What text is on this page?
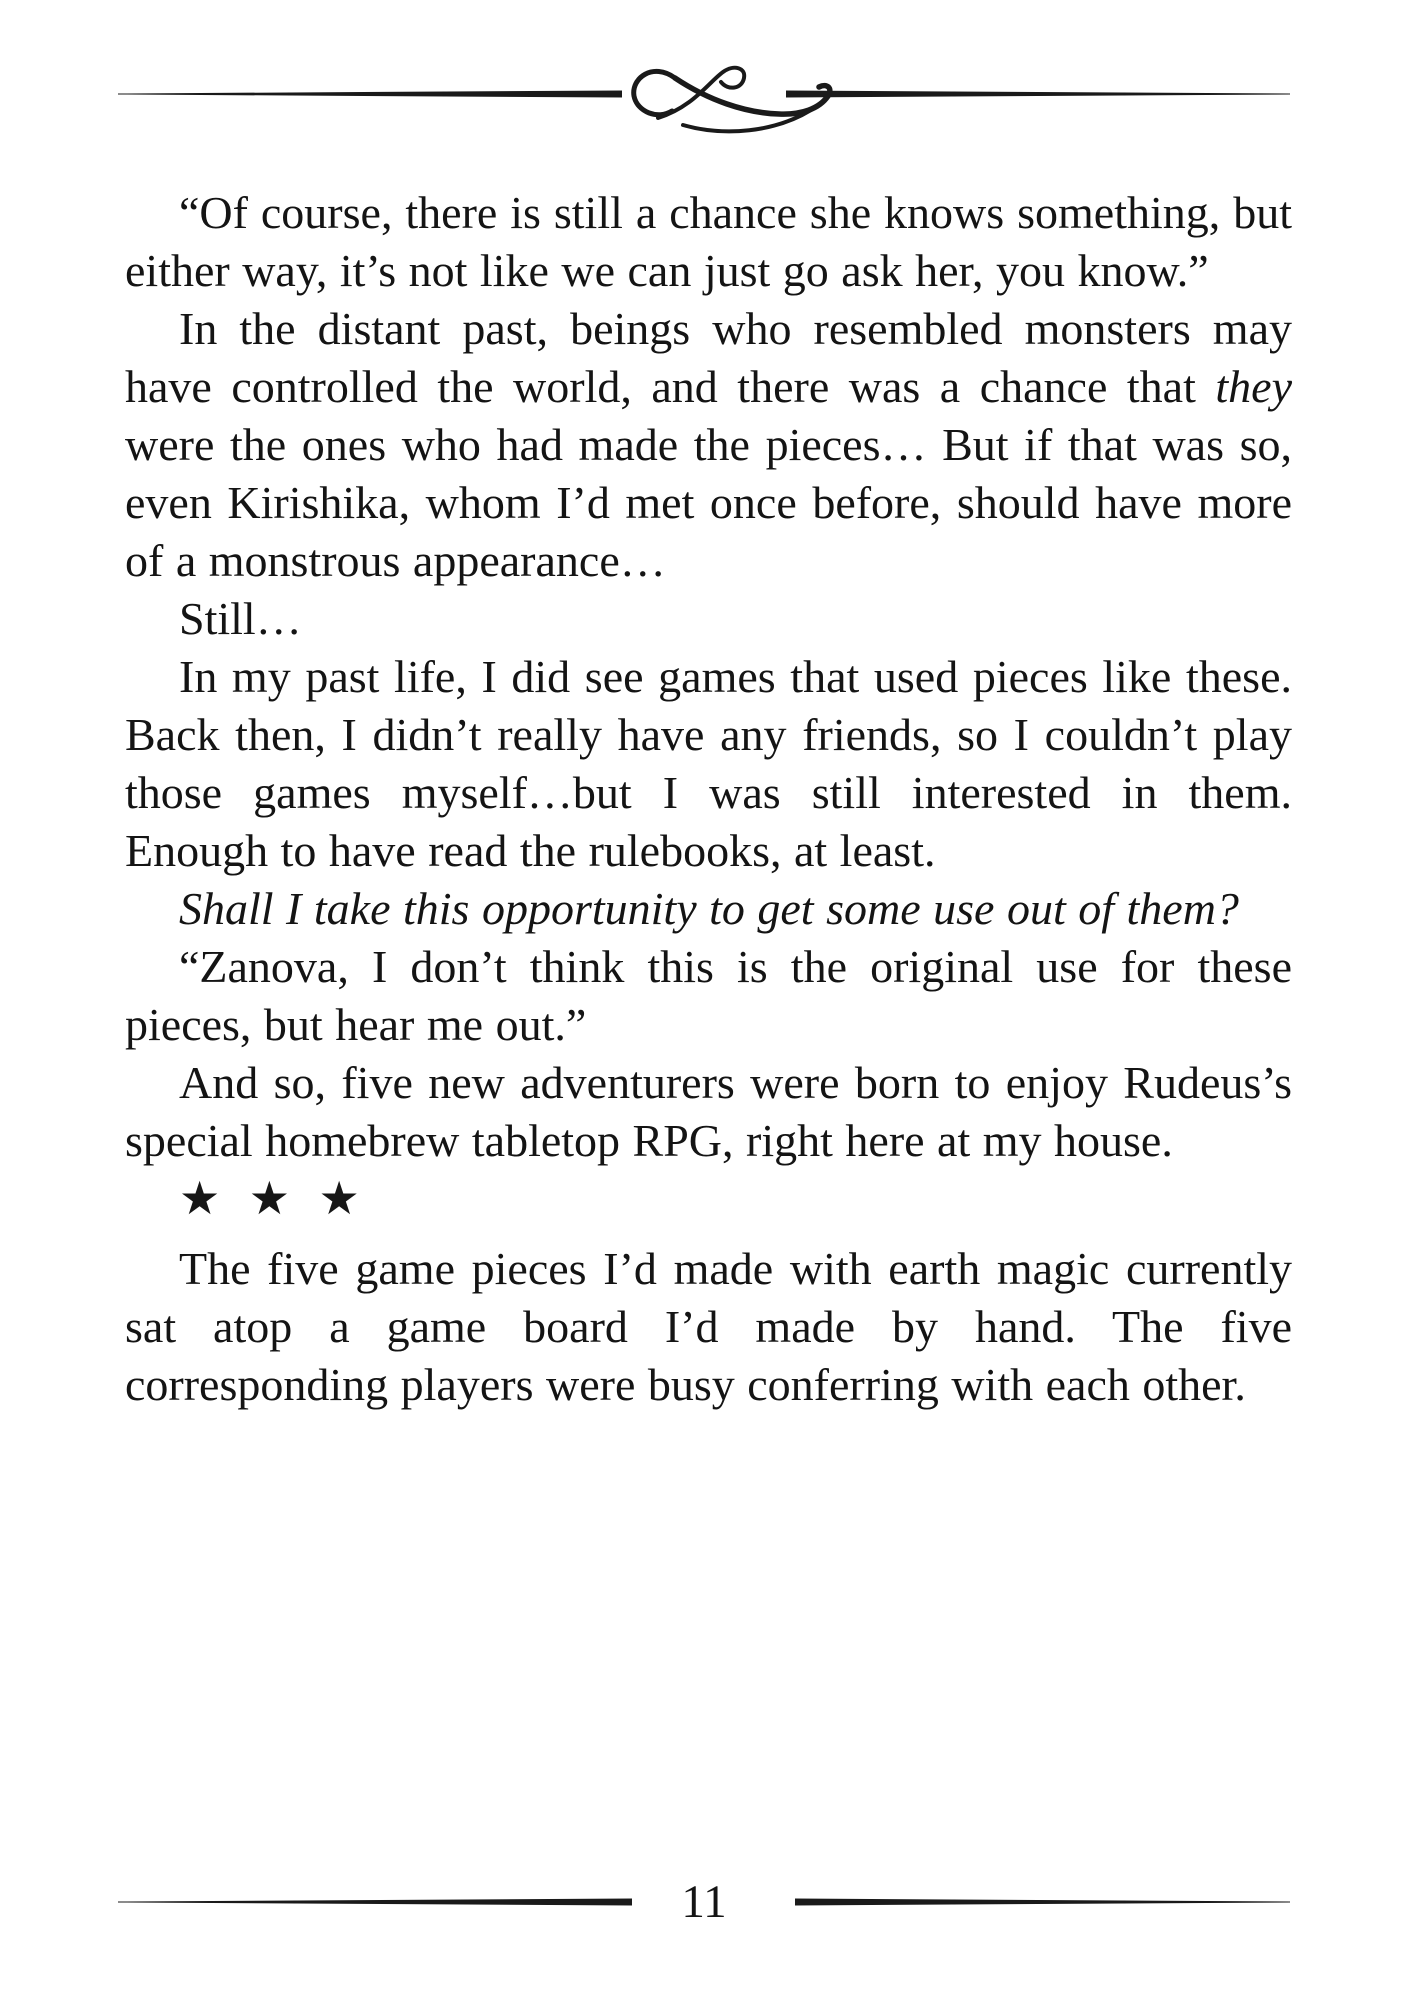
“Of course, there is still a chance she knows something, but either way, it’s not like we can just go ask her, you know.”

In the distant past, beings who resembled monsters may have controlled the world, and there was a chance that they were the ones who had made the pieces… But if that was so, even Kirishika, whom I’d met once before, should have more of a monstrous appearance…

Still…

In my past life, I did see games that used pieces like these. Back then, I didn’t really have any friends, so I couldn’t play those games myself…but I was still interested in them. Enough to have read the rulebooks, at least.

Shall I take this opportunity to get some use out of them?

“Zanova, I don’t think this is the original use for these pieces, but hear me out.”

And so, five new adventurers were born to enjoy Rudeus’s special homebrew tabletop RPG, right here at my house.

★ ★ ★

The five game pieces I’d made with earth magic currently sat atop a game board I’d made by hand. The five corresponding players were busy conferring with each other.

11
